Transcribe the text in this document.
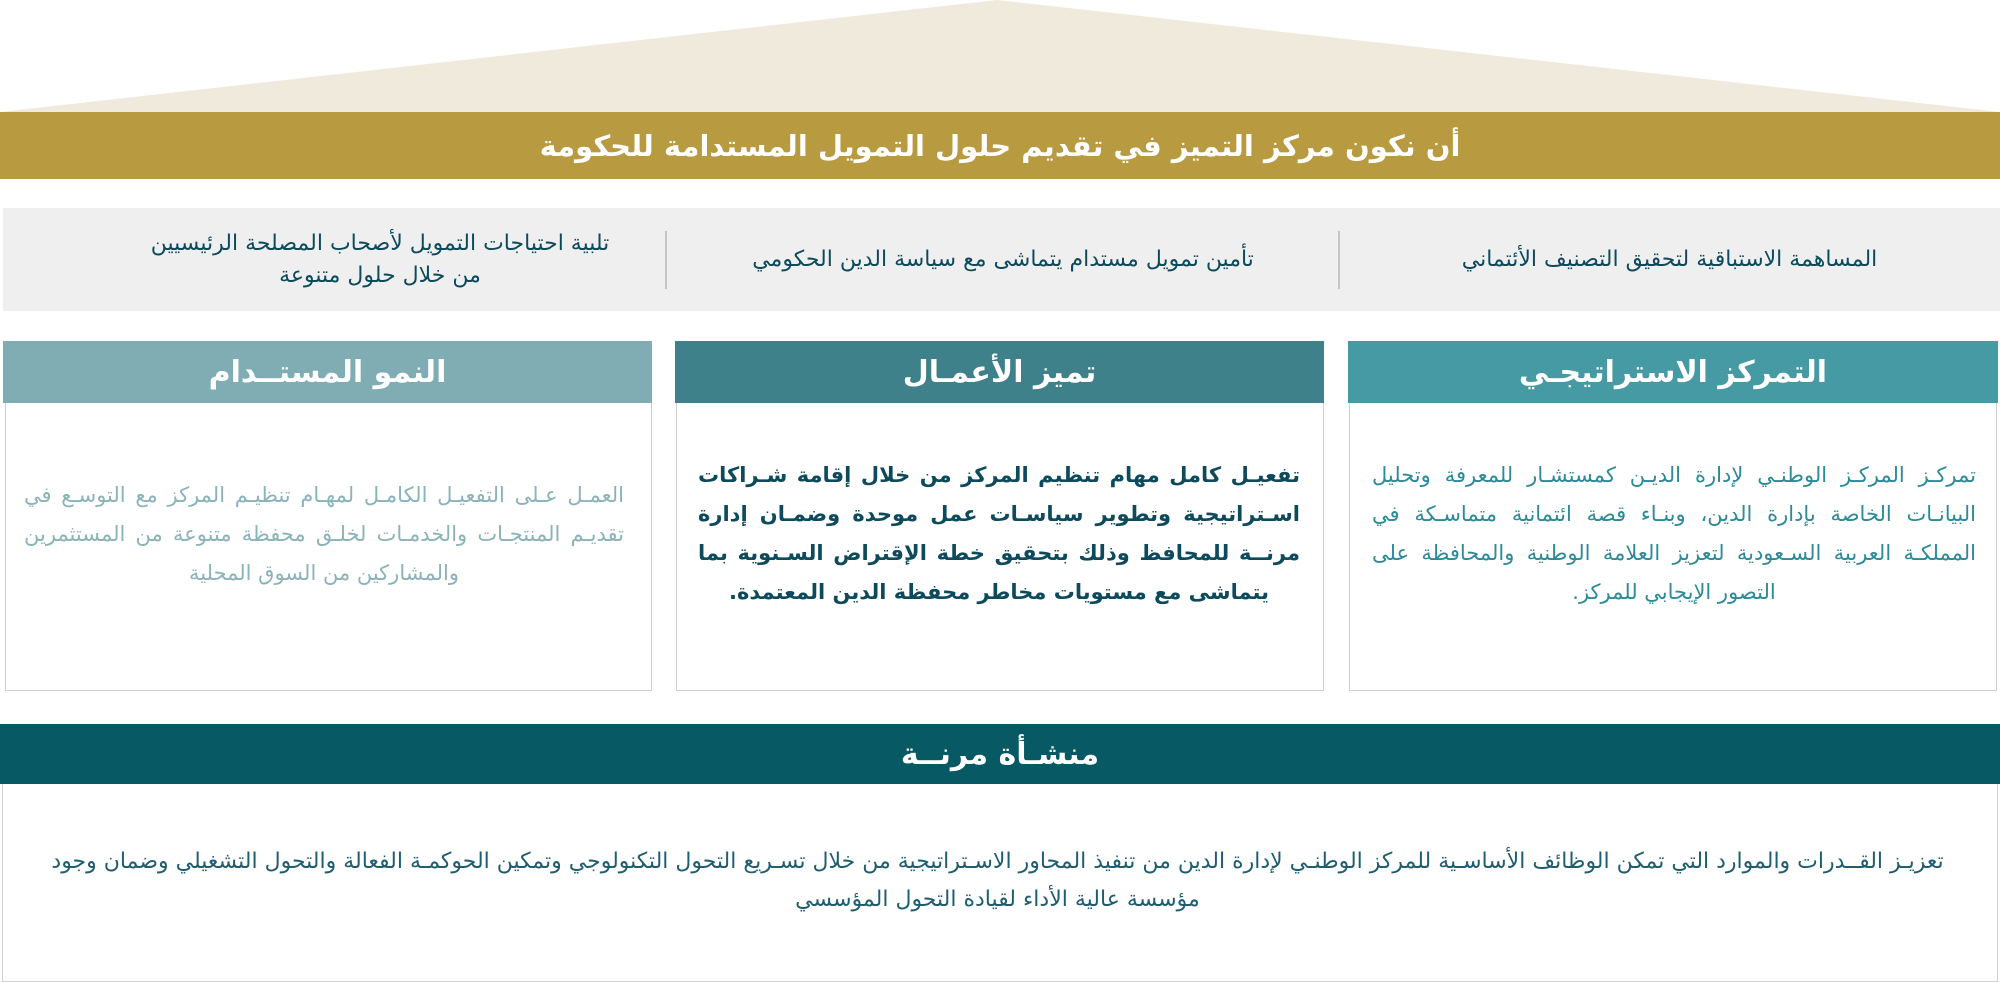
أن نكون مركز التميز في تقديم حلول التمويل المستدامة للحكومة
المساهمة الاستباقية لتحقيق التصنيف الأئتماني
تأمين تمويل مستدام يتماشى مع سياسة الدين الحكومي
تلبية احتياجات التمويل لأصحاب المصلحة الرئيسيين من خلال حلول متنوعة
التمركز الاستراتيجـي
تمركـز المركـز الوطنـي لإدارة الديـن كمستشـار للمعرفة وتحليل البيانـات الخاصة بإدارة الدين، وبنـاء قصة ائتمانية متماسـكة في المملكـة العربية السـعودية لتعزيز العلامة الوطنية والمحافظة على التصور الإيجابي للمركز.
تميز الأعمـال
تفعيـل كامل مهام تنظيم المركز من خلال إقامة شـراكات اسـتراتيجية وتطوير سياسـات عمل موحدة وضمـان إدارة مرنــة للمحافظ وذلك بتحقيق خطة الإقتراض السـنوية بما يتماشى مع مستويات مخاطر محفظة الدين المعتمدة.
النمو المستــدام
العمـل عـلى التفعيـل الكامـل لمهـام تنظيـم المركز مع التوسـع في تقديـم المنتجـات والخدمـات لخلـق محفظة متنوعة من المستثمرين والمشاركين من السوق المحلية
منشـأة مرنــة
تعزيـز القــدرات والموارد التي تمكن الوظائف الأساسـية للمركز الوطنـي لإدارة الدين من تنفيذ المحاور الاسـتراتيجية من خلال تسـريع التحول التكنولوجي وتمكين الحوكمـة الفعالة والتحول التشغيلي وضمان وجود مؤسسة عالية الأداء لقيادة التحول المؤسسي
